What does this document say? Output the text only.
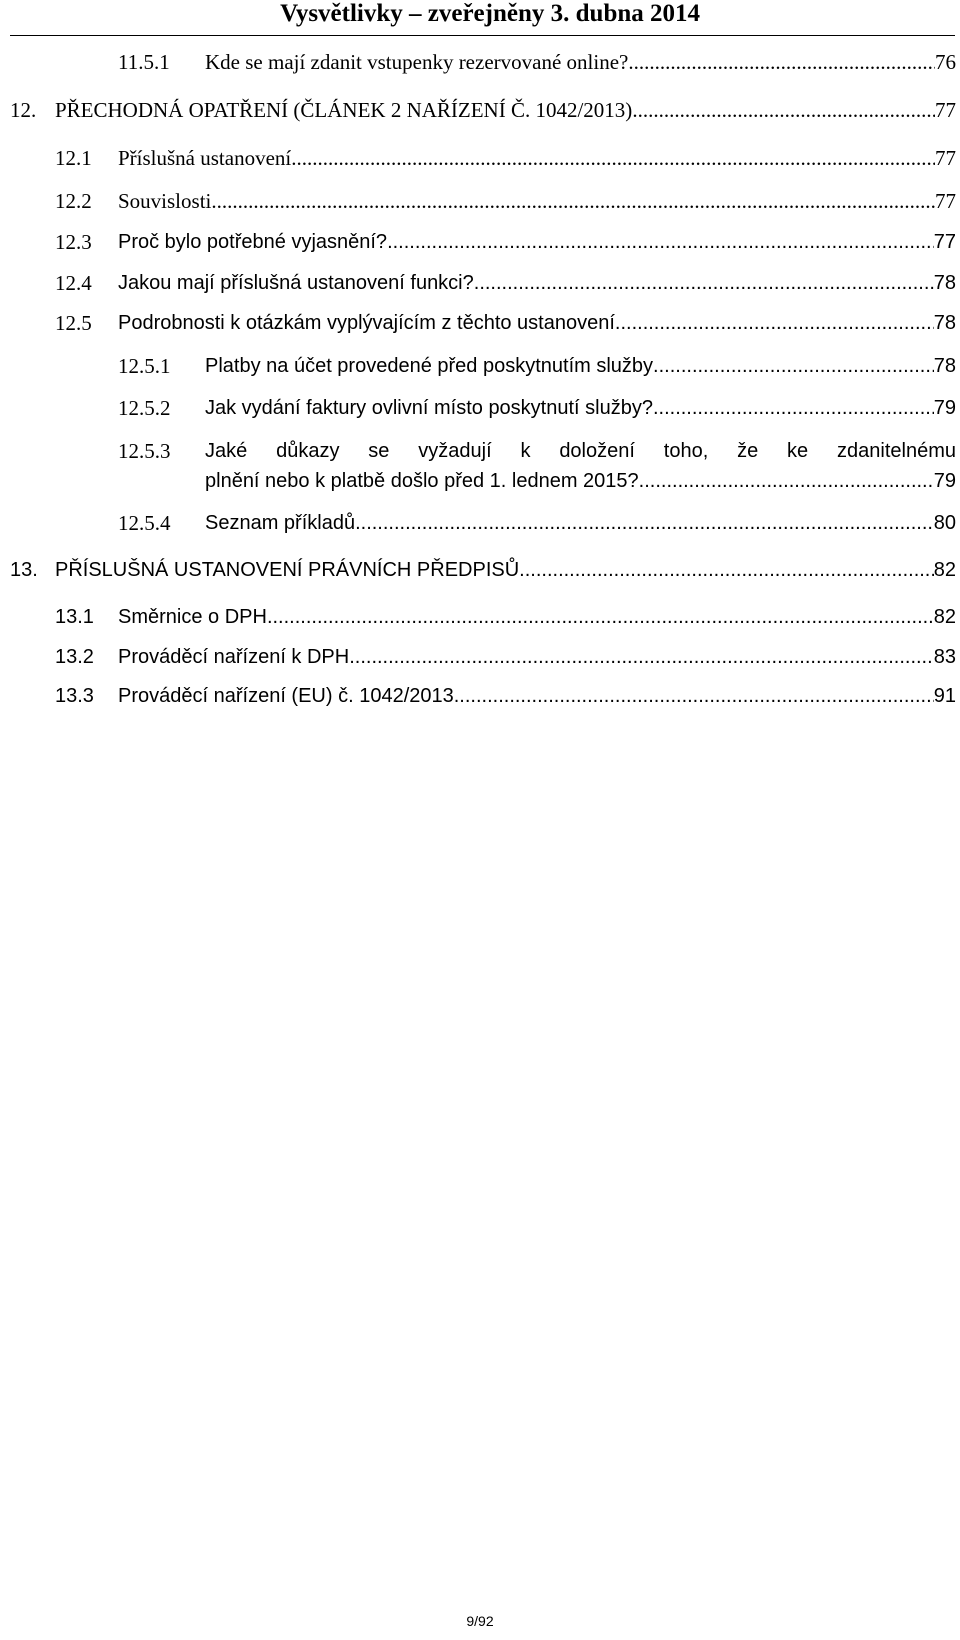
Vysvětlivky – zveřejněny 3. dubna 2014
11.5.1 Kde se mají zdanit vstupenky rezervované online? .....	76
12. PŘECHODNÁ OPATŘENÍ (ČLÁNEK 2 NAŘÍZENÍ Č. 1042/2013) .....	77
12.1 Příslušná ustanovení .....	77
12.2 Souvislosti .....	77
12.3 Proč bylo potřebné vyjasnění? .....	77
12.4 Jakou mají příslušná ustanovení funkci? .....	78
12.5 Podrobnosti k otázkám vyplývajícím z těchto ustanovení .....	78
12.5.1 Platby na účet provedené před poskytnutím služby .....	78
12.5.2 Jak vydání faktury ovlivní místo poskytnutí služby? .....	79
12.5.3 Jaké důkazy se vyžadují k doložení toho, že ke zdanitelnému
plnění nebo k platbě došlo před 1. lednem 2015? .....	79
12.5.4 Seznam příkladů .....	80
13. PŘÍSLUŠNÁ USTANOVENÍ PRÁVNÍCH PŘEDPISŮ .....	82
13.1 Směrnice o DPH .....	82
13.2 Prováděcí nařízení k DPH .....	83
13.3 Prováděcí nařízení (EU) č. 1042/2013 .....	91
9/92
